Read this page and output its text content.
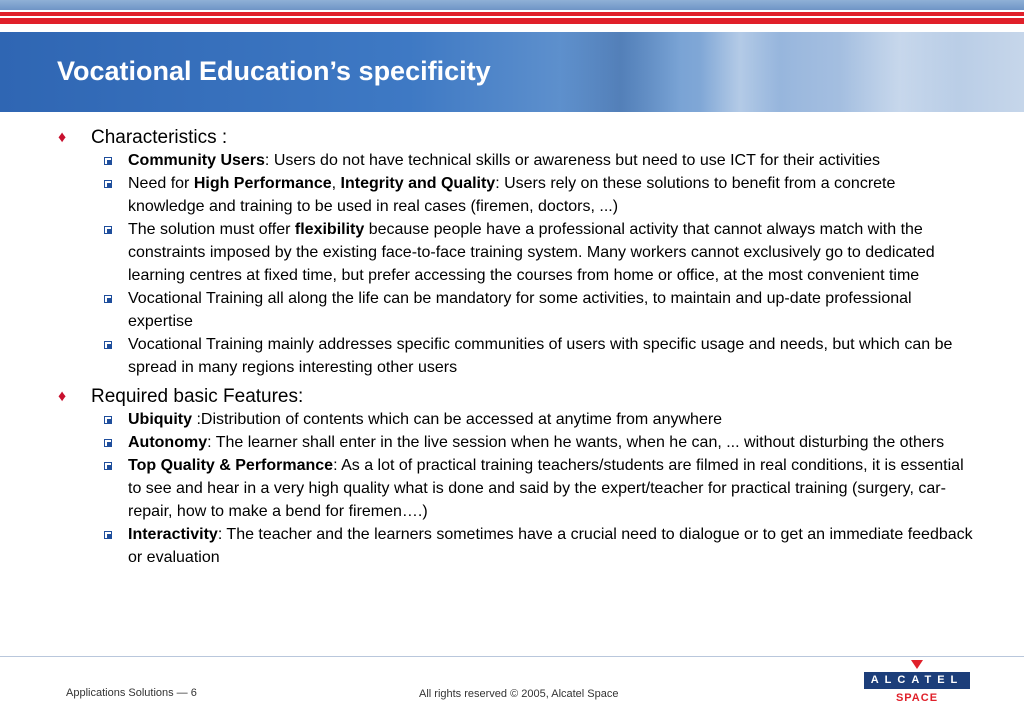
Vocational Education’s specificity
♦ Characteristics :
Community Users: Users do not have technical skills or awareness but need to use ICT for their activities
Need for High Performance, Integrity and Quality: Users rely on these solutions to benefit from a concrete knowledge and training to be used in real cases (firemen, doctors, ...)
The solution must offer flexibility because people have a professional activity that cannot always match with the constraints imposed by the existing face-to-face training system. Many workers cannot exclusively go to dedicated learning centres at fixed time, but prefer accessing the courses from home or office, at the most convenient time
Vocational Training all along the life can be mandatory for some activities, to maintain and up-date professional expertise
Vocational Training mainly addresses specific communities of users with specific usage and needs, but which can be spread in many regions interesting other users
♦ Required basic Features:
Ubiquity :Distribution of contents which can be accessed at anytime from anywhere
Autonomy: The learner shall enter in the live session when he wants, when he can, ... without disturbing the others
Top Quality & Performance: As a lot of practical training teachers/students are filmed in real conditions, it is essential to see and hear in a very high quality what is done and said by the expert/teacher for practical training (surgery, car-repair, how to make a bend for firemen….)
Interactivity: The teacher and the learners sometimes have a crucial need to dialogue or to get an immediate feedback or evaluation
Applications Solutions — 6	All rights reserved © 2005, Alcatel Space
ALCATEL
SPACE
